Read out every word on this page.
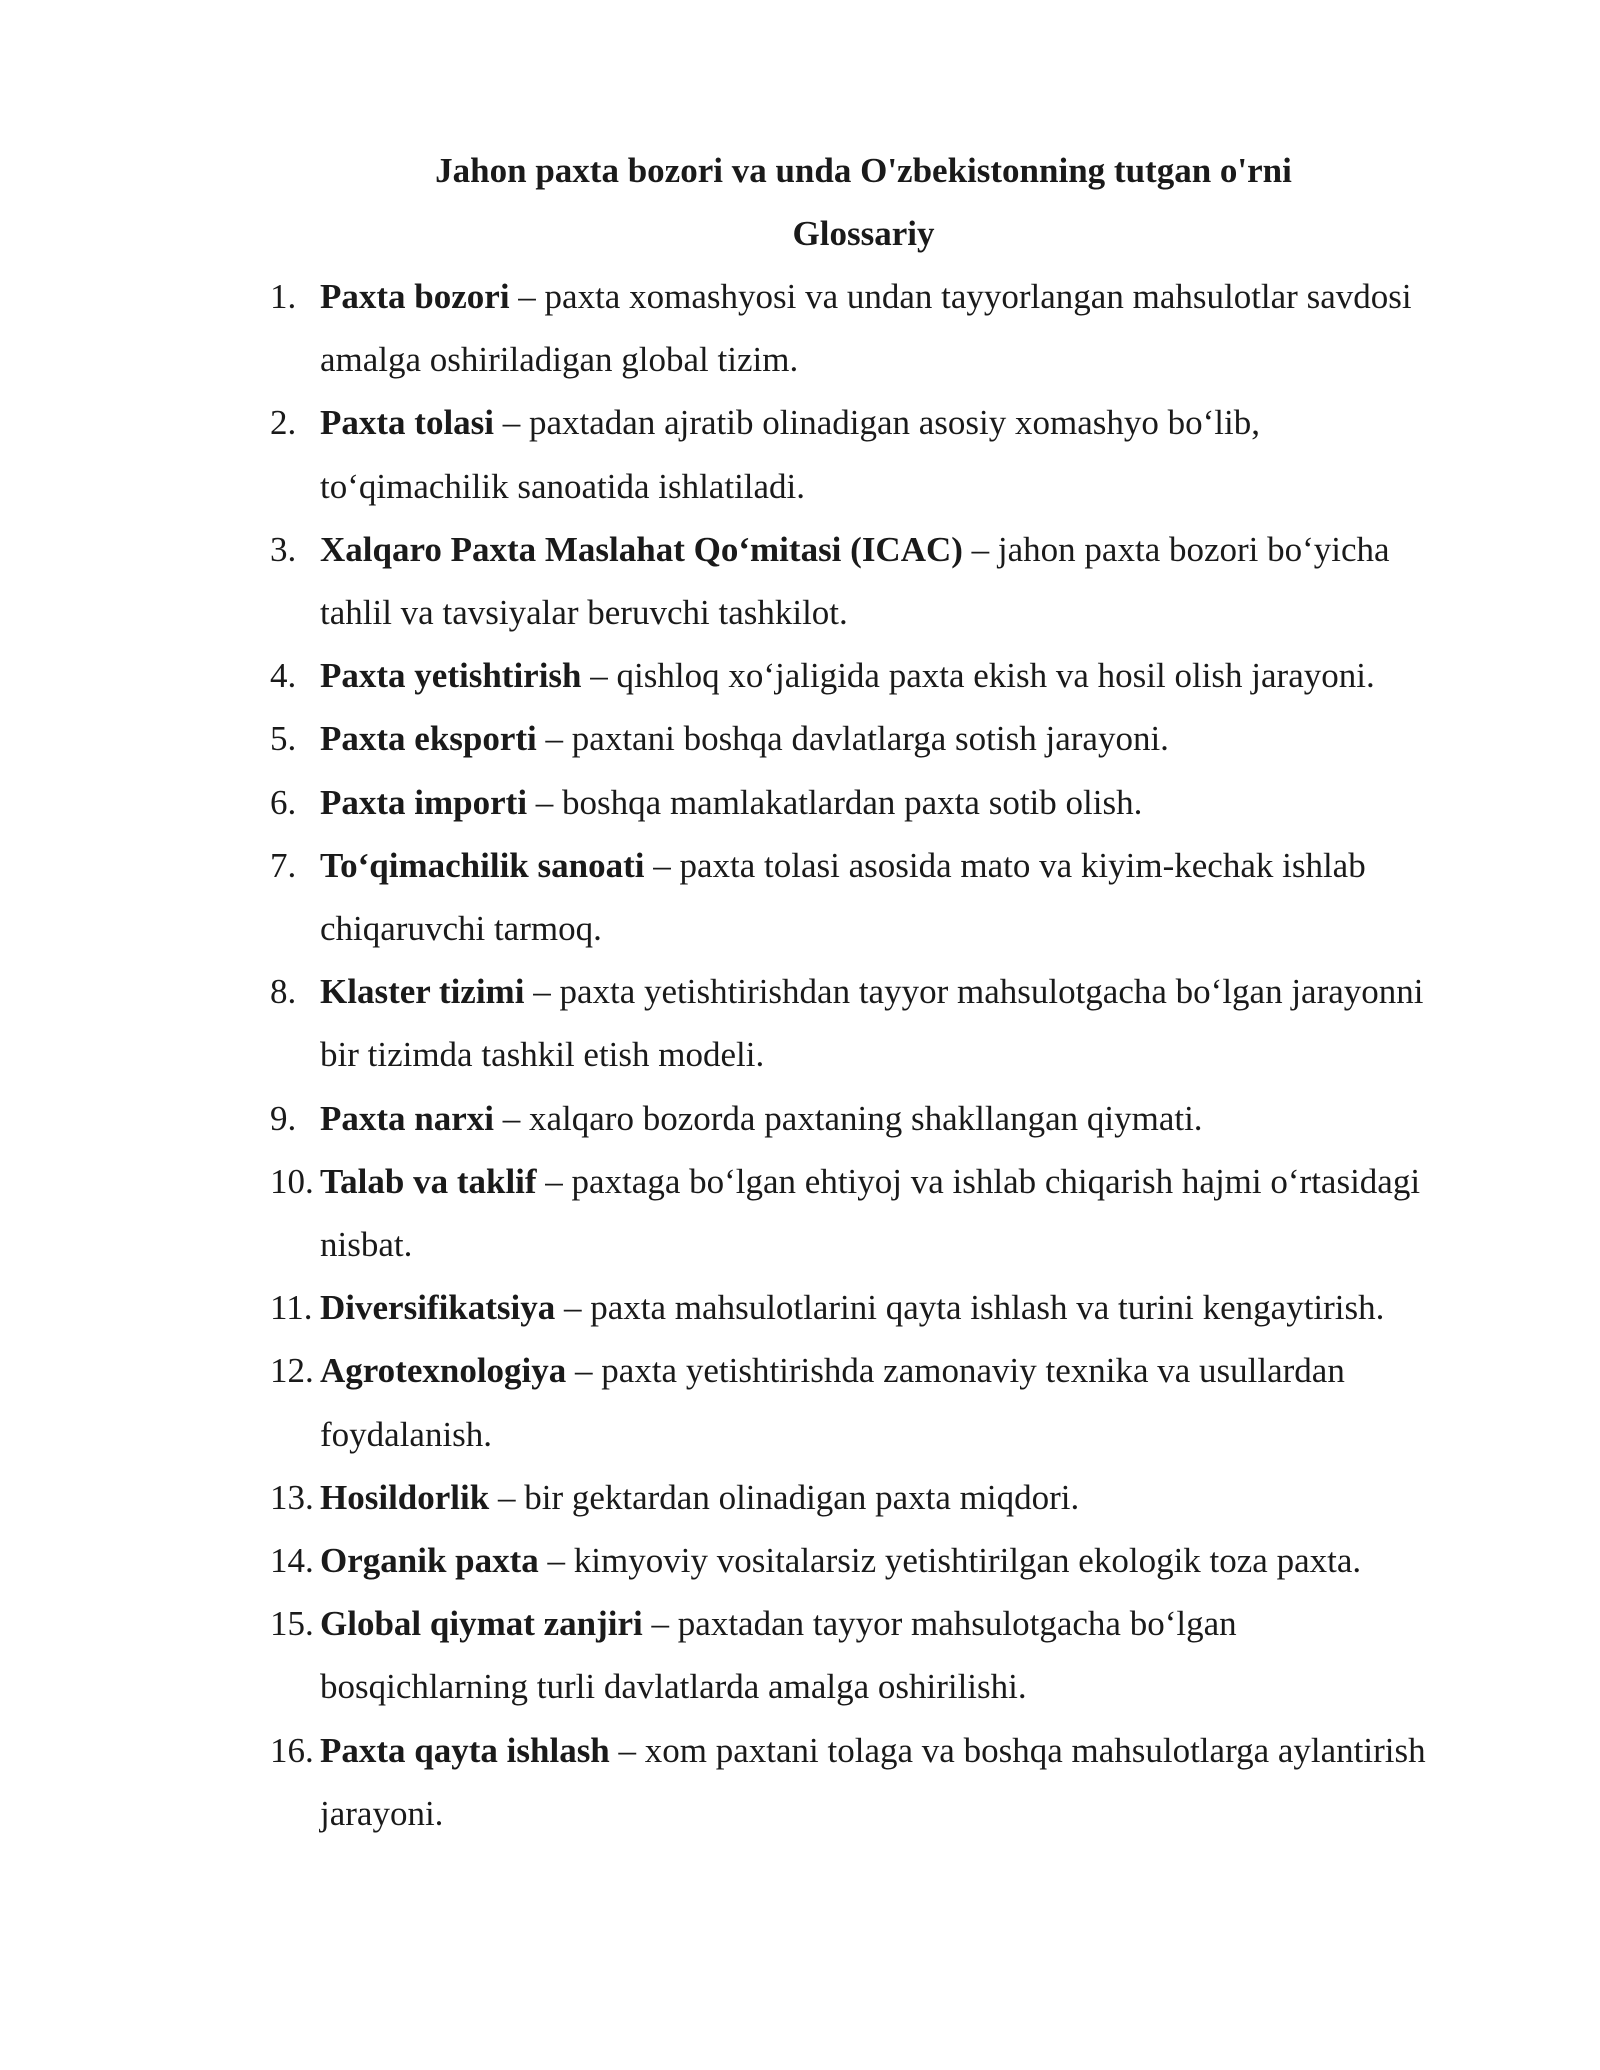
Jahon paxta bozori va unda O'zbekistonning tutgan o'rni
Glossariy
1. Paxta bozori – paxta xomashyosi va undan tayyorlangan mahsulotlar savdosi
amalga oshiriladigan global tizim.
2. Paxta tolasi – paxtadan ajratib olinadigan asosiy xomashyo bo‘lib,
to‘qimachilik sanoatida ishlatiladi.
3. Xalqaro Paxta Maslahat Qo‘mitasi (ICAC) – jahon paxta bozori bo‘yicha
tahlil va tavsiyalar beruvchi tashkilot.
4. Paxta yetishtirish – qishloq xo‘jaligida paxta ekish va hosil olish jarayoni.
5. Paxta eksporti – paxtani boshqa davlatlarga sotish jarayoni.
6. Paxta importi – boshqa mamlakatlardan paxta sotib olish.
7. To‘qimachilik sanoati – paxta tolasi asosida mato va kiyim-kechak ishlab
chiqaruvchi tarmoq.
8. Klaster tizimi – paxta yetishtirishdan tayyor mahsulotgacha bo‘lgan jarayonni
bir tizimda tashkil etish modeli.
9. Paxta narxi – xalqaro bozorda paxtaning shakllangan qiymati.
10. Talab va taklif – paxtaga bo‘lgan ehtiyoj va ishlab chiqarish hajmi o‘rtasidagi
nisbat.
11. Diversifikatsiya – paxta mahsulotlarini qayta ishlash va turini kengaytirish.
12. Agrotexnologiya – paxta yetishtirishda zamonaviy texnika va usullardan
foydalanish.
13. Hosildorlik – bir gektardan olinadigan paxta miqdori.
14. Organik paxta – kimyoviy vositalarsiz yetishtirilgan ekologik toza paxta.
15. Global qiymat zanjiri – paxtadan tayyor mahsulotgacha bo‘lgan
bosqichlarning turli davlatlarda amalga oshirilishi.
16. Paxta qayta ishlash – xom paxtani tolaga va boshqa mahsulotlarga aylantirish
jarayoni.
